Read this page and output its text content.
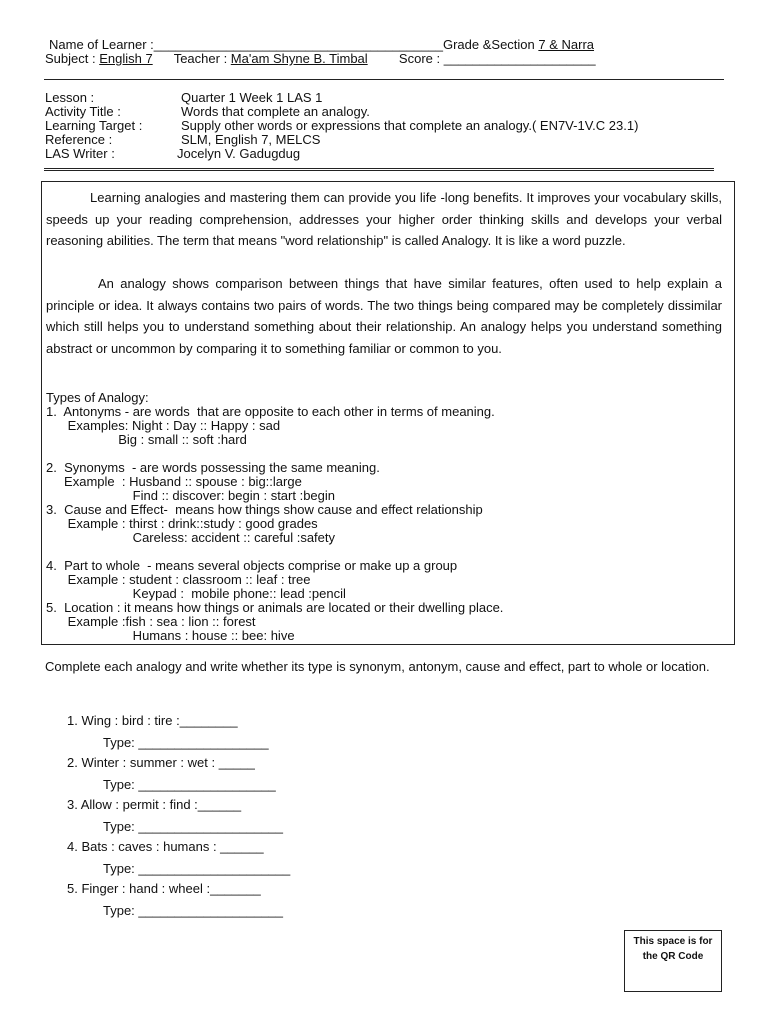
Name of Learner :________________________________________Grade &Section 7 & Narra
Subject : English 7 Teacher : Ma'am Shyne B. Timbal Score : _____________________
Lesson :	Quarter 1 Week 1 LAS 1
Activity Title :	Words that complete an analogy.
Learning Target :	Supply other words or expressions that complete an analogy.( EN7V-1V.C 23.1)
Reference :	SLM, English 7, MELCS
LAS Writer :	Jocelyn V. Gadugdug
Learning analogies and mastering them can provide you life -long benefits. It improves your vocabulary skills, speeds up your reading comprehension, addresses your higher order thinking skills and develops your verbal reasoning abilities. The term that means "word relationship" is called Analogy. It is like a word puzzle.
An analogy shows comparison between things that have similar features, often used to help explain a principle or idea. It always contains two pairs of words. The two things being compared may be completely dissimilar which still helps you to understand something about their relationship. An analogy helps you understand something abstract or uncommon by comparing it to something familiar or common to you.
Types of Analogy:
1.  Antonyms - are words  that are opposite to each other in terms of meaning.
Examples: Night : Day :: Happy : sad
Big : small :: soft :hard
2.  Synonyms  - are words possessing the same meaning.
Example  : Husband :: spouse : big::large
Find :: discover: begin : start :begin
3.  Cause and Effect-  means how things show cause and effect relationship
Example : thirst : drink::study : good grades
Careless: accident :: careful :safety
4.  Part to whole  - means several objects comprise or make up a group
Example : student : classroom :: leaf : tree
Keypad :  mobile phone:: lead :pencil
5.  Location : it means how things or animals are located or their dwelling place.
Example :fish : sea : lion :: forest
Humans : house :: bee: hive
Complete each analogy and write whether its type is synonym, antonym, cause and effect, part to whole or location.
1. Wing : bird : tire :________
Type: __________________
2. Winter : summer : wet : _____
Type: ___________________
3. Allow : permit : find :______
Type: ____________________
4. Bats : caves : humans : ______
Type: _____________________
5. Finger : hand : wheel :_______
Type: ____________________
This space is for the QR Code
